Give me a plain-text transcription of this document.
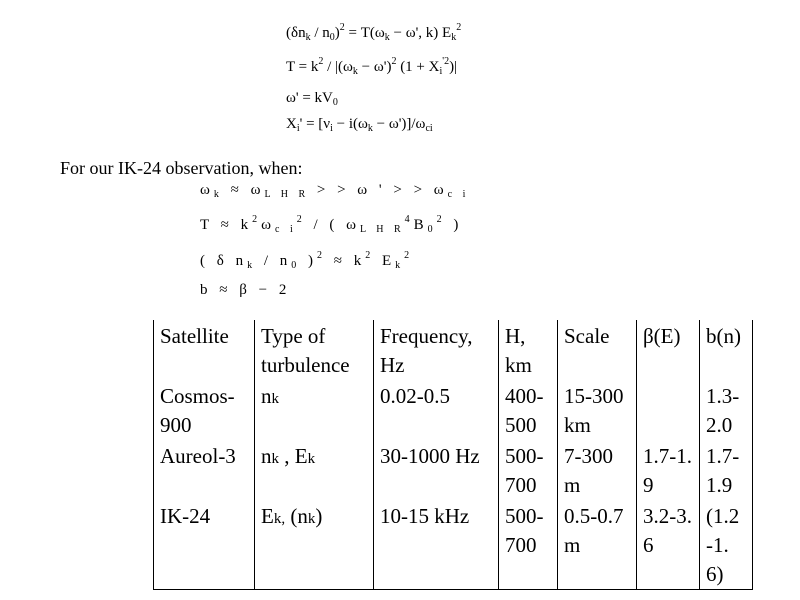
$(\delta n_k / n_0)^2 = T(\omega_k - \omega'$, k) $E_k^2$
$T = k^2 / |(\omega_k - \omega')^2$ $(1 + X_i^{'2})|$
$\omega' = kV_0$
$X_i' = [\nu_i - i(\omega_k - \omega')]/\omega_{ci}$
For our IK-24 observation, when:
$\omega_k \approx \omega_{L H R}$ > > ω ' > > $\omega_{c i}$
$T \approx k^2\omega_{c i}^2$ / ( $\omega_{L H R}^4B_0^2$ )
( δ $n_k / n_0$ )$^2 \approx k^2$ $E_k^2$
b ≈ β − 2
Satellite	Type of turbulence	Frequency, Hz	H, km	Scale	β(E)	b(n)
Cosmos-900	nk	0.02-0.5	400-500	15-300km		1.3-2.0
Aureol-3	nk , Ek	30-1000 Hz	500-700	7-300 m	1.7-1.9	1.7-1.9
IK-24	Ek, (nk)	10-15 kHz	500-700	0.5-0.7 m	3.2-3.6	(1.2-1.6)
